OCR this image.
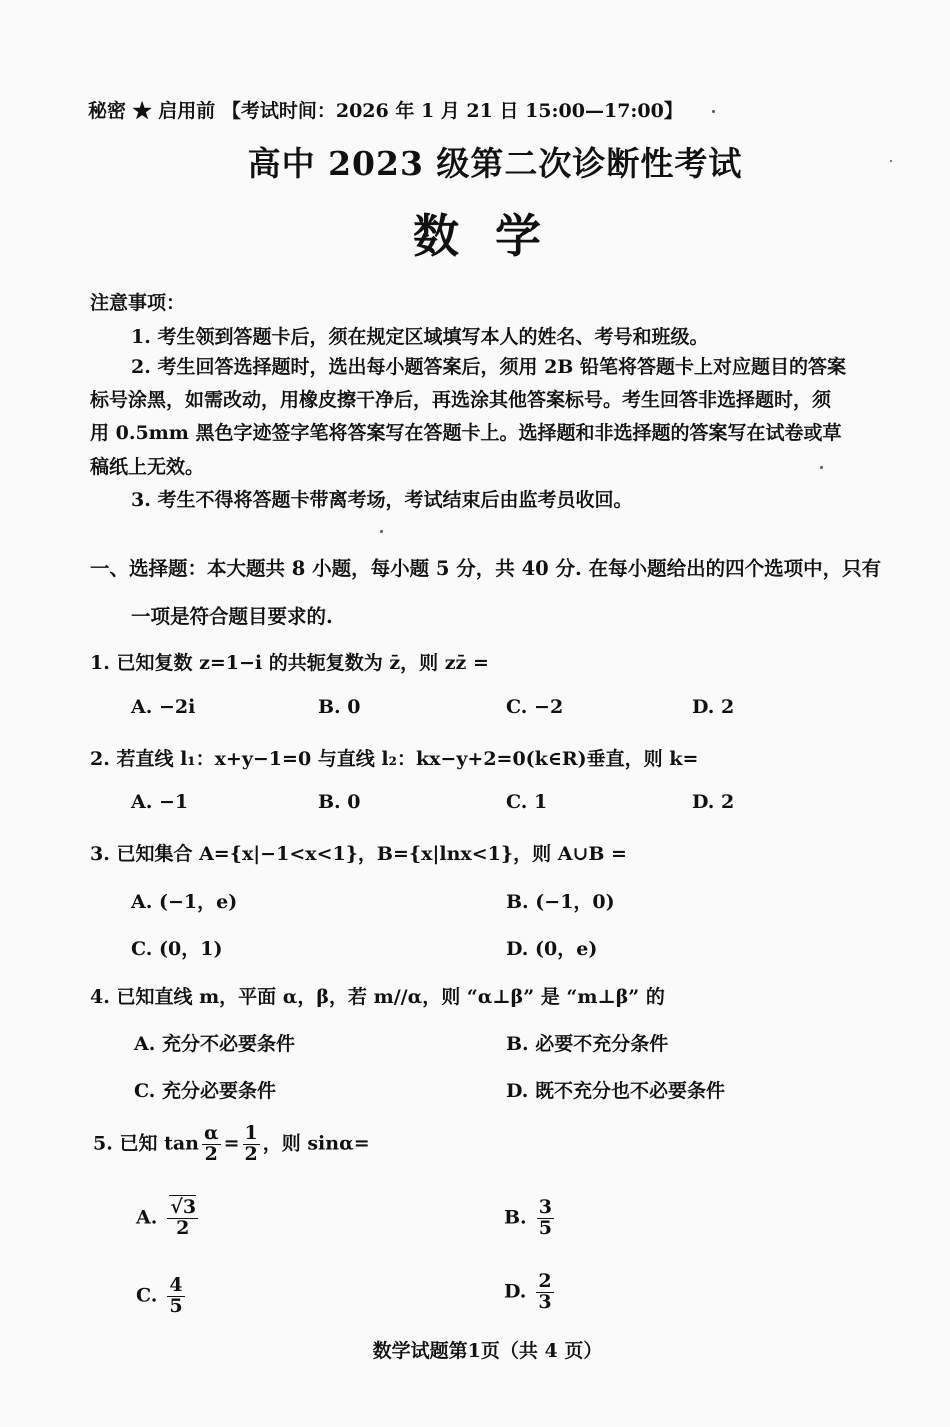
秘密 ★ 启用前 【考试时间：2026 年 1 月 21 日 15:00—17:00】
高中 2023 级第二次诊断性考试
数学
注意事项：
1. 考生领到答题卡后，须在规定区域填写本人的姓名、考号和班级。
2. 考生回答选择题时，选出每小题答案后，须用 2B 铅笔将答题卡上对应题目的答案
标号涂黑，如需改动，用橡皮擦干净后，再选涂其他答案标号。考生回答非选择题时，须
用 0.5mm 黑色字迹签字笔将答案写在答题卡上。选择题和非选择题的答案写在试卷或草
稿纸上无效。
3. 考生不得将答题卡带离考场，考试结束后由监考员收回。
一、选择题：本大题共 8 小题，每小题 5 分，共 40 分. 在每小题给出的四个选项中，只有
一项是符合题目要求的.
1. 已知复数 z=1−i 的共轭复数为 z̄，则 zz̄ =
A. −2i	B. 0	C. −2	D. 2
2. 若直线 l₁：x+y−1=0 与直线 l₂：kx−y+2=0(k∈R)垂直，则 k=
A. −1	B. 0	C. 1	D. 2
3. 已知集合 A={x|−1<x<1}，B={x|lnx<1}，则 A∪B =
A. (−1，e)	B. (−1，0)
C. (0，1)	D. (0，e)
4. 已知直线 m，平面 α，β，若 m//α，则 “α⊥β” 是 “m⊥β” 的
A. 充分不必要条件	B. 必要不充分条件
C. 充分必要条件	D. 既不充分也不必要条件
5. 已知 $\tan \frac{\alpha}{2} = \frac{1}{2}$ ，则 sinα=
A. $\frac{√3}{2}$	B. $\frac{3}{5}$
C. $\frac{4}{5}$	D. $\frac{2}{3}$
数学试题第1页（共 4 页）
